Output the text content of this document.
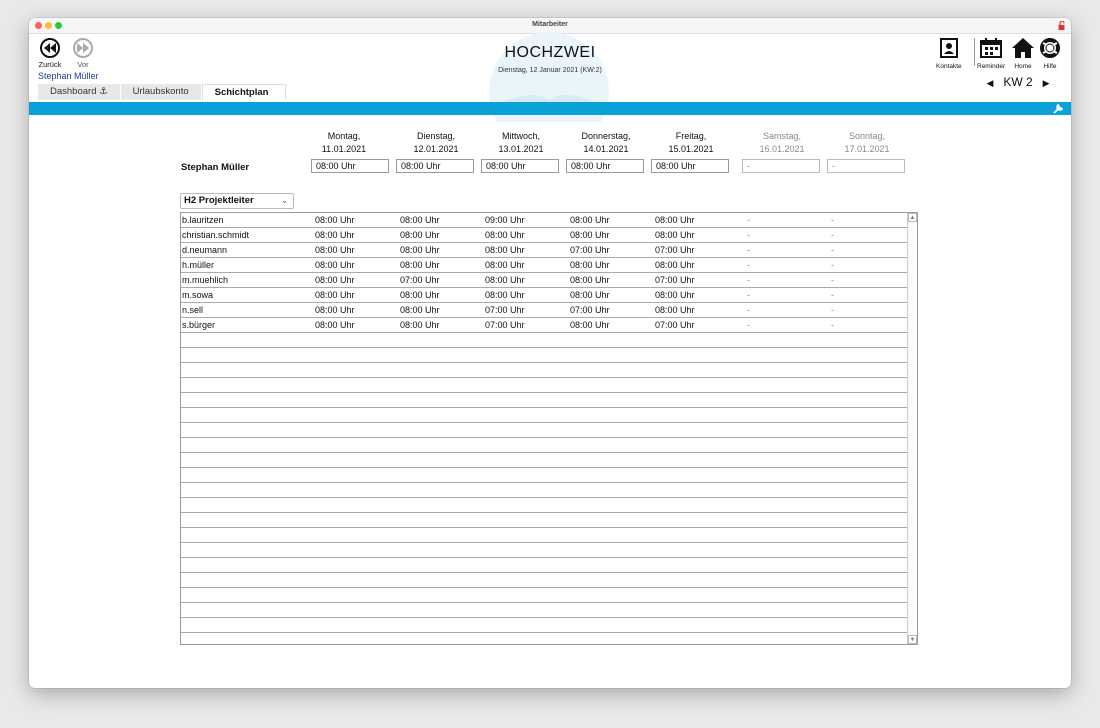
Mitarbeiter
Zurück	Vor
Stephan Müller
HOCHZWEI
Dienstag, 12 Januar 2021 (KW:2)
Dashboard ⚓	Urlaubskonto	Schichtplan
Kontakte Reminder	Home	Hilfe
◀ KW 2 ▶
Montag,
11.01.2021
Dienstag,
12.01.2021
Mittwoch,
13.01.2021
Donnerstag,
14.01.2021
Freitag,
15.01.2021
Samstag,
16.01.2021
Sonntag,
17.01.2021
Stephan Müller	08:00 Uhr	08:00 Uhr	08:00 Uhr	08:00 Uhr	08:00 Uhr	-	-
H2 Projektleiter	⌄
b.lauritzen	08:00 Uhr	08:00 Uhr	09:00 Uhr	08:00 Uhr	08:00 Uhr	-	-
christian.schmidt	08:00 Uhr	08:00 Uhr	08:00 Uhr	08:00 Uhr	08:00 Uhr	-	-
d.neumann	08:00 Uhr	08:00 Uhr	08:00 Uhr	07:00 Uhr	07:00 Uhr	-	-
h.müller	08:00 Uhr	08:00 Uhr	08:00 Uhr	08:00 Uhr	08:00 Uhr	-	-
m.muehlich	08:00 Uhr	07:00 Uhr	08:00 Uhr	08:00 Uhr	07:00 Uhr	-	-
m.sowa	08:00 Uhr	08:00 Uhr	08:00 Uhr	08:00 Uhr	08:00 Uhr	-	-
n.sell	08:00 Uhr	08:00 Uhr	07:00 Uhr	07:00 Uhr	08:00 Uhr	-	-
s.bürger	08:00 Uhr	08:00 Uhr	07:00 Uhr	08:00 Uhr	07:00 Uhr	-	-
▲
▼
